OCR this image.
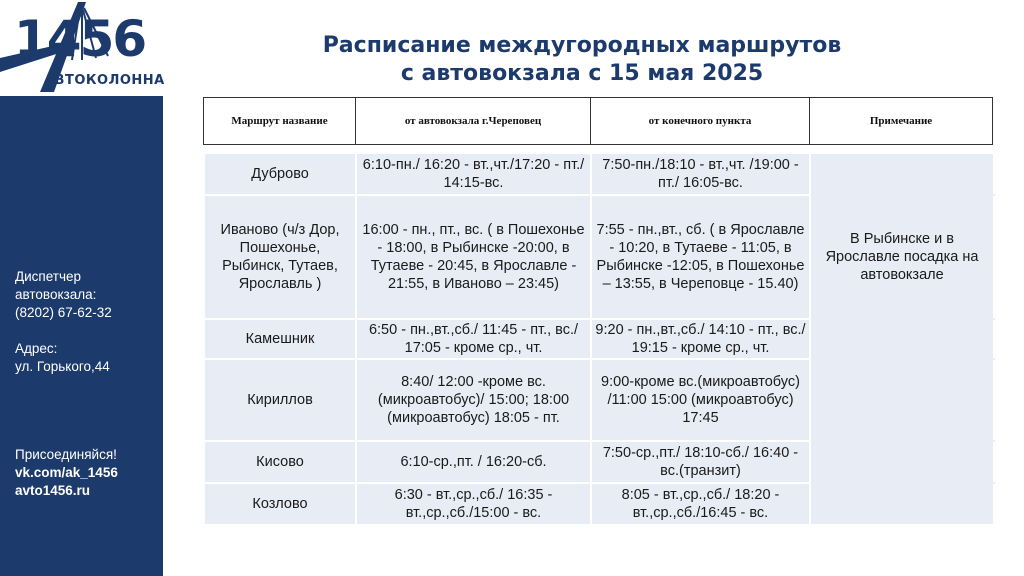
1456
АВТОКОЛОННА
Диспетчер
автовокзала:
(8202) 67-62-32
Адрес:
ул. Горького,44
Присоединяйся!
vk.com/ak_1456
avto1456.ru
Расписание междугородных маршрутов
с автовокзала с 15 мая 2025
Маршрут название	от автовокзала г.Череповец	от конечного пункта	Примечание
Дуброво	6:10-пн./ 16:20 - вт.,чт./17:20 - пт./ 14:15-вс.	7:50-пн./18:10 - вт.,чт. /19:00 - пт./ 16:05-вс.	
Иваново (ч/з Дор, Пошехонье, Рыбинск, Тутаев, Ярославль )	16:00 - пн., пт., вс. ( в Пошехонье - 18:00, в Рыбинске -20:00, в Тутаеве - 20:45, в Ярославле - 21:55, в Иваново – 23:45)	7:55 - пн.,вт., сб. ( в Ярославле - 10:20, в Тутаеве - 11:05, в Рыбинске -12:05, в Пошехонье – 13:55, в Череповце - 15.40)	В Рыбинске и в Ярославле посадка на автовокзале
Камешник	6:50 - пн.,вт.,сб./ 11:45 - пт., вс./ 17:05 - кроме ср., чт.	9:20 - пн.,вт.,сб./ 14:10 - пт., вс./ 19:15 - кроме ср., чт.	
Кириллов	8:40/ 12:00 -кроме вс.(микроавтобус)/ 15:00; 18:00 (микроавтобус) 18:05 - пт.	9:00-кроме вс.(микроавтобус) /11:00 15:00 (микроавтобус) 17:45	
Кисово	6:10-ср.,пт. / 16:20-сб.	7:50-ср.,пт./ 18:10-сб./ 16:40 - вс.(транзит)	
Козлово	6:30 - вт.,ср.,сб./ 16:35 - вт.,ср.,сб./15:00 - вс.	8:05 - вт.,ср.,сб./ 18:20 - вт.,ср.,сб./16:45 - вс.	
